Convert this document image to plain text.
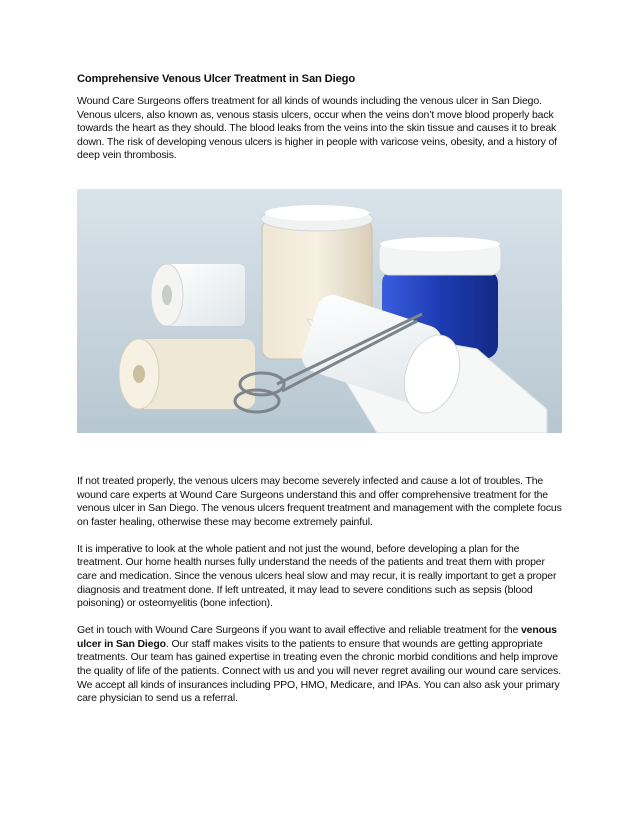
Comprehensive Venous Ulcer Treatment in San Diego

Wound Care Surgeons offers treatment for all kinds of wounds including the venous ulcer in San Diego. Venous ulcers, also known as, venous stasis ulcers, occur when the veins don’t move blood properly back towards the heart as they should. The blood leaks from the veins into the skin tissue and causes it to break down. The risk of developing venous ulcers is higher in people with varicose veins, obesity, and a history of deep vein thrombosis.

If not treated properly, the venous ulcers may become severely infected and cause a lot of troubles. The wound care experts at Wound Care Surgeons understand this and offer comprehensive treatment for the venous ulcer in San Diego. The venous ulcers frequent treatment and management with the complete focus on faster healing, otherwise these may become extremely painful.

It is imperative to look at the whole patient and not just the wound, before developing a plan for the treatment. Our home health nurses fully understand the needs of the patients and treat them with proper care and medication. Since the venous ulcers heal slow and may recur, it is really important to get a proper diagnosis and treatment done. If left untreated, it may lead to severe conditions such as sepsis (blood poisoning) or osteomyelitis (bone infection).

Get in touch with Wound Care Surgeons if you want to avail effective and reliable treatment for the venous ulcer in San Diego. Our staff makes visits to the patients to ensure that wounds are getting appropriate treatments. Our team has gained expertise in treating even the chronic morbid conditions and help improve the quality of life of the patients. Connect with us and you will never regret availing our wound care services. We accept all kinds of insurances including PPO, HMO, Medicare, and IPAs. You can also ask your primary care physician to send us a referral.
